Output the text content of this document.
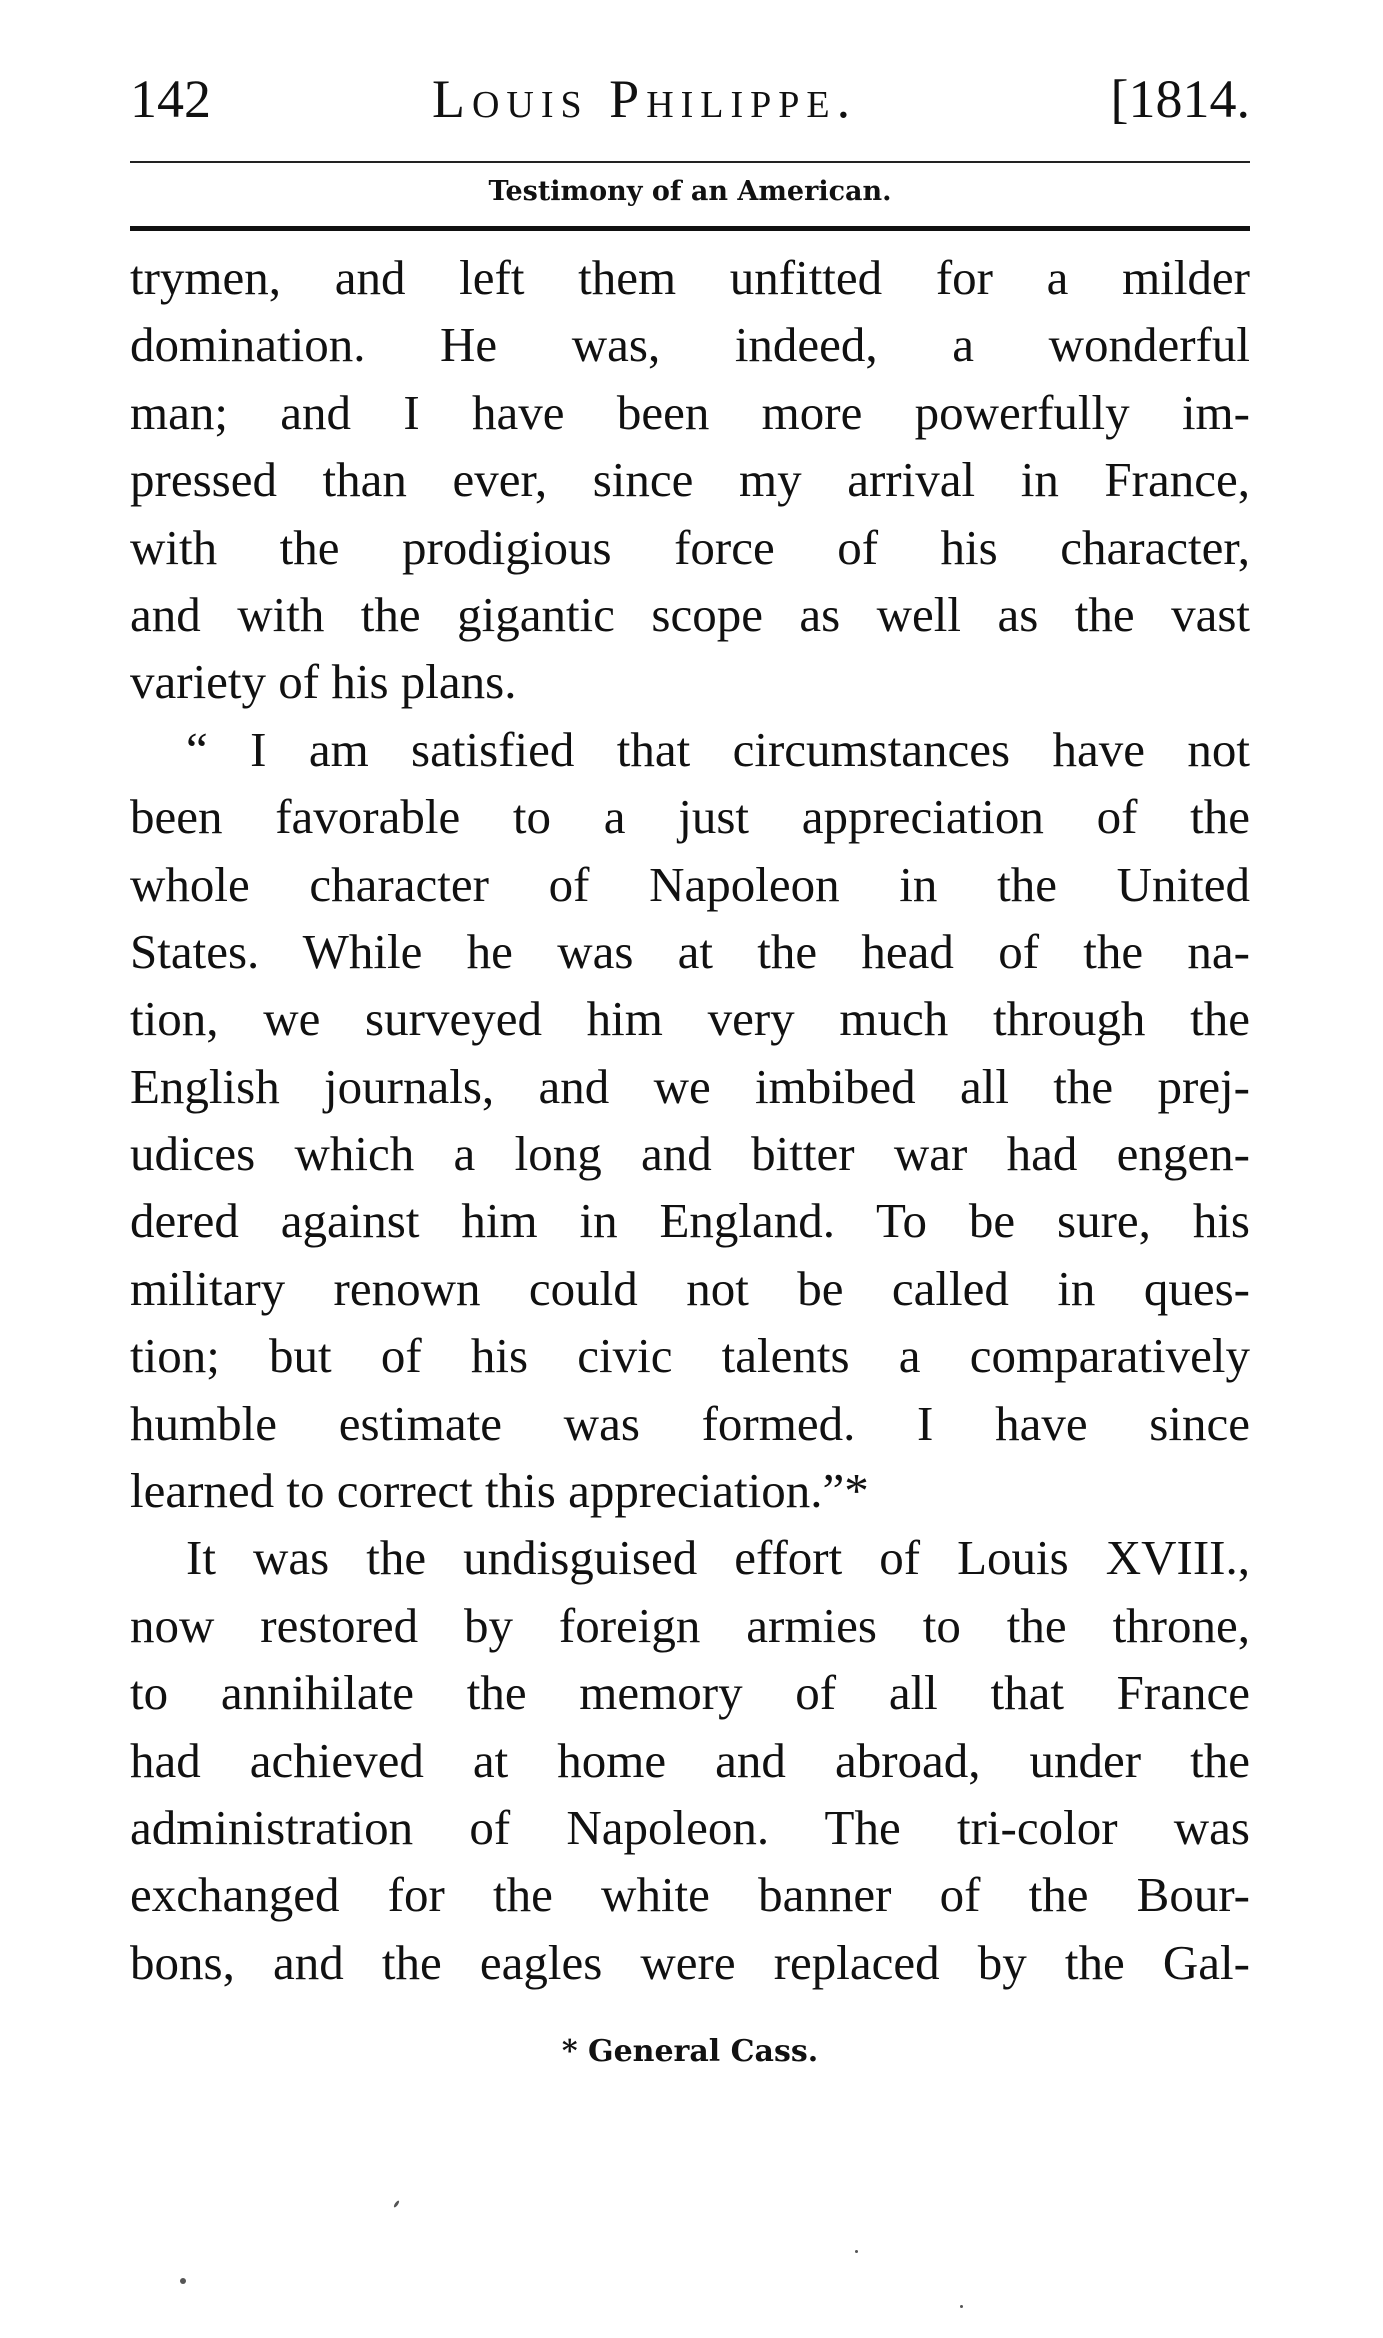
142	Louis Philippe.	[1814.
Testimony of an American.
trymen, and left them unfitted for a milder
domination. He was, indeed, a wonderful
man; and I have been more powerfully im-
pressed than ever, since my arrival in France,
with the prodigious force of his character,
and with the gigantic scope as well as the vast
variety of his plans.
“ I am satisfied that circumstances have not
been favorable to a just appreciation of the
whole character of Napoleon in the United
States. While he was at the head of the na-
tion, we surveyed him very much through the
English journals, and we imbibed all the prej-
udices which a long and bitter war had engen-
dered against him in England. To be sure, his
military renown could not be called in ques-
tion; but of his civic talents a comparatively
humble estimate was formed. I have since
learned to correct this appreciation.”*
It was the undisguised effort of Louis XVIII.,
now restored by foreign armies to the throne,
to annihilate the memory of all that France
had achieved at home and abroad, under the
administration of Napoleon. The tri-color was
exchanged for the white banner of the Bour-
bons, and the eagles were replaced by the Gal-
* General Cass.
